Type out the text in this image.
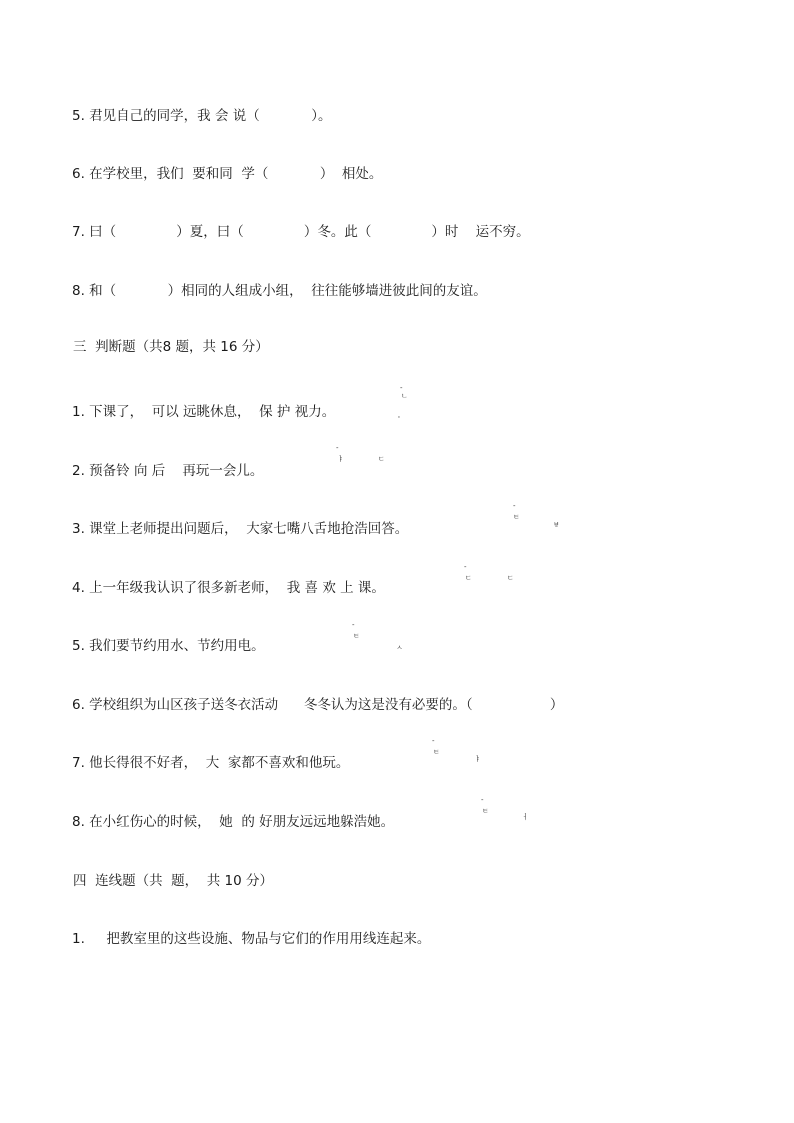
5. 君见自己的同学，我 会 说（            ）。
6. 在学校里，我们  要和同  学（            ）  相处。
7. 曰（              ）夏，曰（              ）冬。此（              ）时    运不穷。
8. 和（            ）相同的人组成小组，  往往能够墙进彼此间的友谊。
三  判断题（共8 题，共 16 分）
1. 下课了，  可以 远眺休息，  保 护 视力。
-
ㄴ
'
2. 预备铃 向 后    再玩一会儿。
-
ㅑ	ㄷ
3. 课堂上老师提出问题后，  大家七嘴八舌地抢浩回答。
-
ㅌ
ㅸ
4. 上一年级我认识了很多新老师，  我 喜 欢 上 课。
-
ㄷ	ㄷ
5. 我们要节约用水、节约用电。
-
ㅌ
ㅅ
6. 学校组织为山区孩子送冬衣活动      冬冬认为这是没有必要的。（                  ）
7. 他长得很不好者，  大  家都不喜欢和他玩。
-
ㅌ
ㅑ
8. 在小红伤心的时候，  她  的 好朋友远远地躲浩她。
-
ㅌ
ㅓ
四  连线题（共  题，  共 10 分）
1.     把教室里的这些设施、物品与它们的作用用线连起来。
